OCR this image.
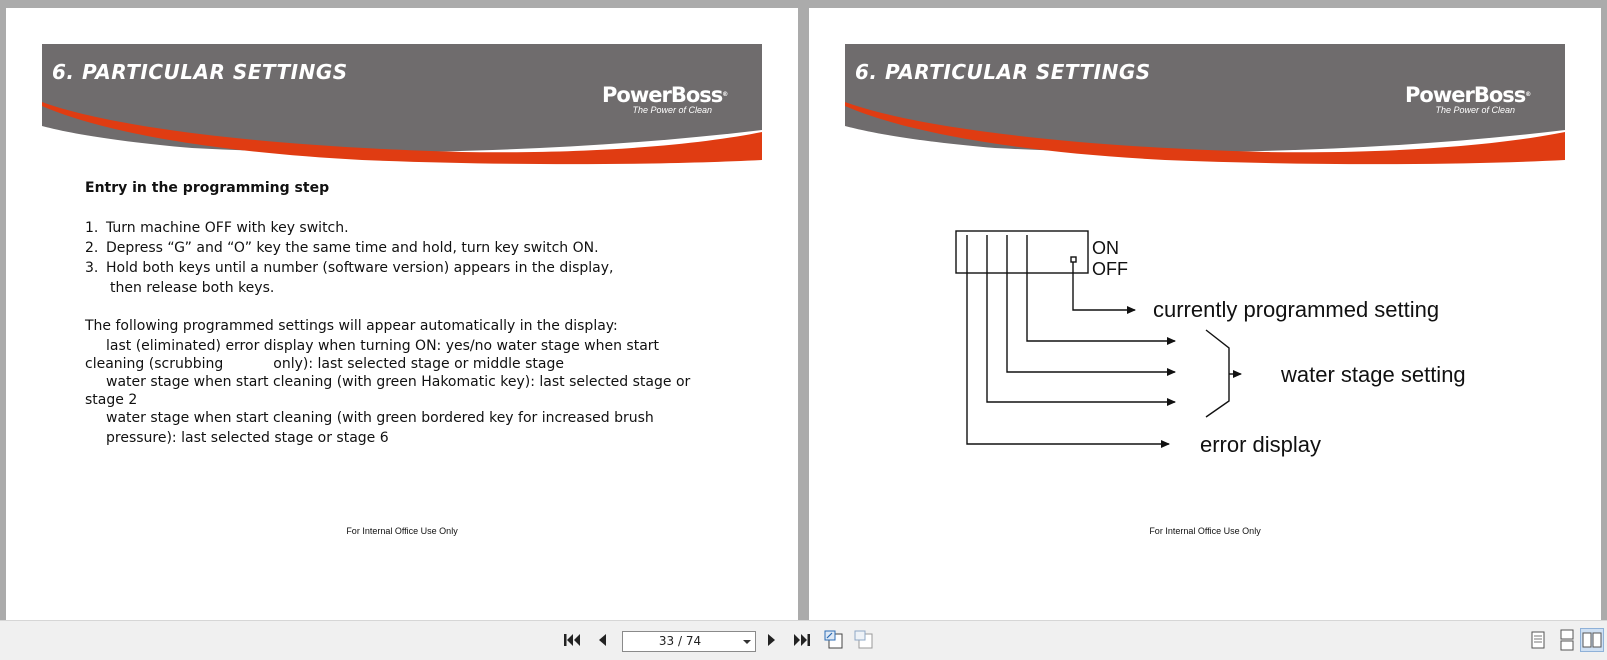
6. PARTICULAR SETTINGS
PowerBoss®
The Power of Clean
Entry in the programming step
1. Turn machine OFF with key switch.
2. Depress “G” and “O” key the same time and hold, turn key switch ON.
3. Hold both keys until a number (software version) appears in the display,
then release both keys.

The following programmed settings will appear automatically in the display:

last (eliminated) error display when turning ON: yes/no water stage when start

cleaning (scrubbing	only): last selected stage or middle stage

water stage when start cleaning (with green Hakomatic key): last selected stage or

stage 2

water stage when start cleaning (with green bordered key for increased brush

pressure): last selected stage or stage 6

For Internal Office Use Only
6. PARTICULAR SETTINGS
PowerBoss®
The Power of Clean
ON
OFF
currently programmed setting
water stage setting
error display
For Internal Office Use Only
33 / 74
